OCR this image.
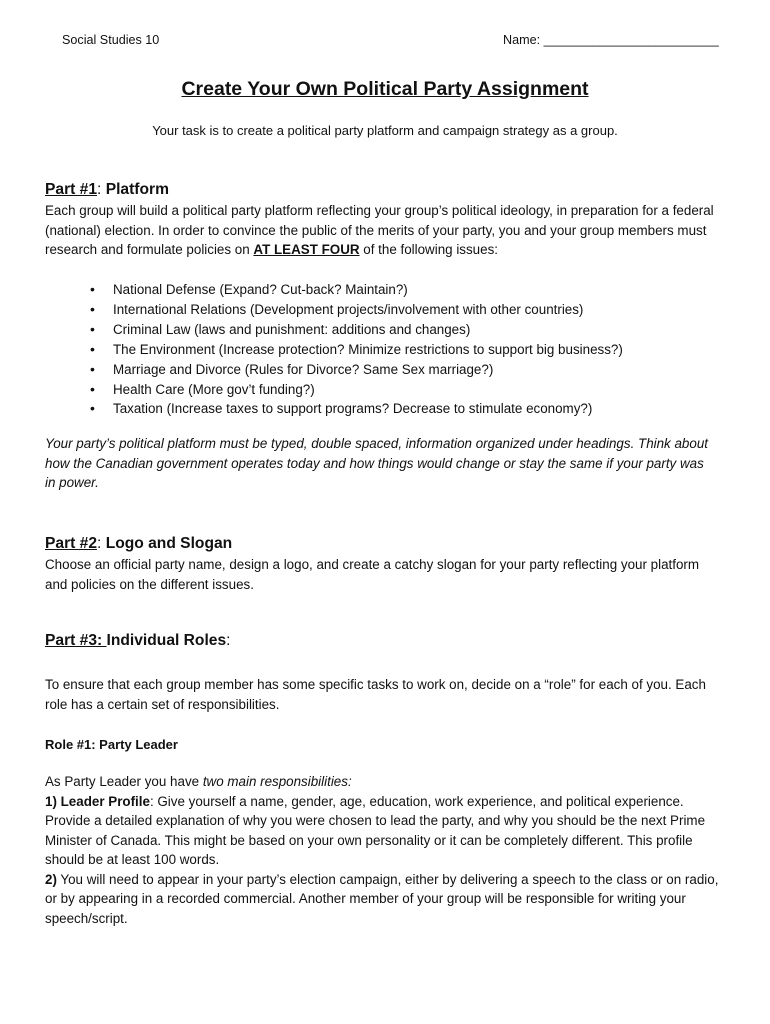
Social Studies 10	Name: _________________________
Create Your Own Political Party Assignment
Your task is to create a political party platform and campaign strategy as a group.
Part #1: Platform
Each group will build a political party platform reflecting your group’s political ideology, in preparation for a federal (national) election. In order to convince the public of the merits of your party, you and your group members must research and formulate policies on AT LEAST FOUR of the following issues:
• National Defense (Expand? Cut-back? Maintain?)
• International Relations (Development projects/involvement with other countries)
• Criminal Law (laws and punishment: additions and changes)
• The Environment (Increase protection? Minimize restrictions to support big business?)
• Marriage and Divorce (Rules for Divorce? Same Sex marriage?)
• Health Care (More gov’t funding?)
• Taxation (Increase taxes to support programs? Decrease to stimulate economy?)
Your party’s political platform must be typed, double spaced, information organized under headings. Think about how the Canadian government operates today and how things would change or stay the same if your party was in power.
Part #2: Logo and Slogan
Choose an official party name, design a logo, and create a catchy slogan for your party reflecting your platform and policies on the different issues.
Part #3: Individual Roles:
To ensure that each group member has some specific tasks to work on, decide on a “role” for each of you. Each role has a certain set of responsibilities.
Role #1: Party Leader
As Party Leader you have two main responsibilities:
1) Leader Profile: Give yourself a name, gender, age, education, work experience, and political experience. Provide a detailed explanation of why you were chosen to lead the party, and why you should be the next Prime Minister of Canada. This might be based on your own personality or it can be completely different. This profile should be at least 100 words.
2) You will need to appear in your party’s election campaign, either by delivering a speech to the class or on radio, or by appearing in a recorded commercial. Another member of your group will be responsible for writing your speech/script.
